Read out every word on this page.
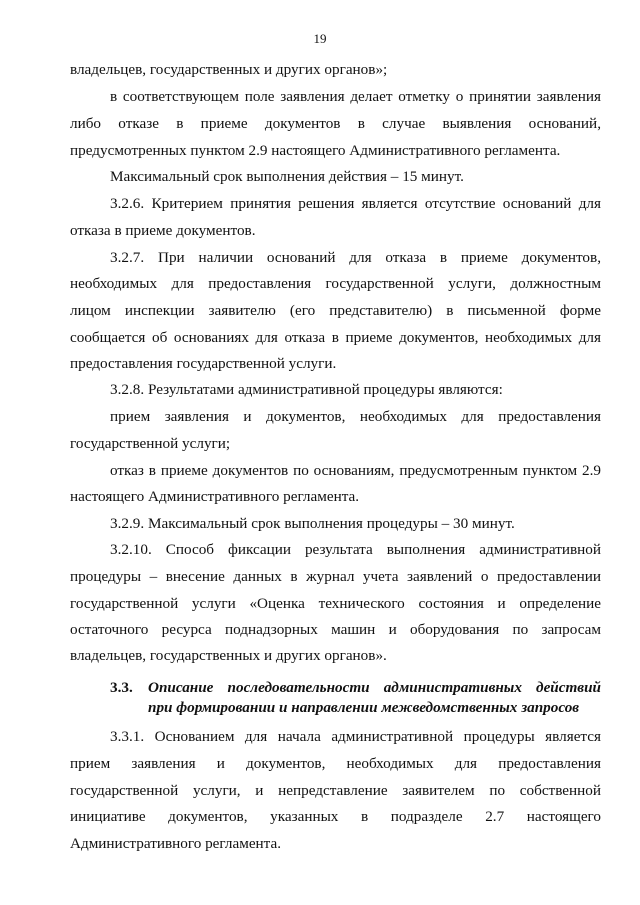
19
владельцев, государственных и других органов»;
в соответствующем поле заявления делает отметку о принятии заявления
либо отказе в приеме документов в случае выявления оснований,
предусмотренных пунктом 2.9 настоящего Административного регламента.
Максимальный срок выполнения действия – 15 минут.
3.2.6. Критерием принятия решения является отсутствие оснований для
отказа в приеме документов.
3.2.7. При наличии оснований для отказа в приеме документов,
необходимых для предоставления государственной услуги, должностным
лицом инспекции заявителю (его представителю) в письменной форме
сообщается об основаниях для отказа в приеме документов, необходимых для
предоставления государственной услуги.
3.2.8. Результатами административной процедуры являются:
прием заявления и документов, необходимых для предоставления
государственной услуги;
отказ в приеме документов по основаниям, предусмотренным пунктом 2.9
настоящего Административного регламента.
3.2.9. Максимальный срок выполнения процедуры – 30 минут.
3.2.10. Способ фиксации результата выполнения административной
процедуры – внесение данных в журнал учета заявлений о предоставлении
государственной услуги «Оценка технического состояния и определение
остаточного ресурса поднадзорных машин и оборудования по запросам
владельцев, государственных и других органов».
3.3. Описание последовательности административных действий
при формировании и направлении межведомственных запросов
3.3.1. Основанием для начала административной процедуры является
прием заявления и документов, необходимых для предоставления
государственной услуги, и непредставление заявителем по собственной
инициативе документов, указанных в подразделе 2.7 настоящего
Административного регламента.
